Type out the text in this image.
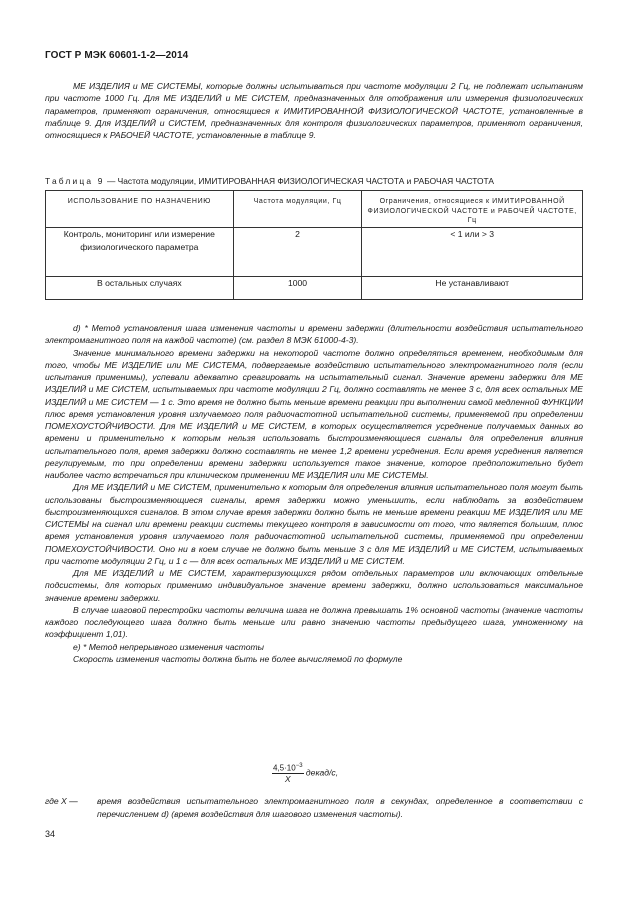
ГОСТ Р МЭК 60601-1-2—2014

МЕ ИЗДЕЛИЯ и МЕ СИСТЕМЫ, которые должны испытываться при частоте модуляции 2 Гц, не подлежат испытаниям при частоте 1000 Гц. Для МЕ ИЗДЕЛИЙ и МЕ СИСТЕМ, предназначенных для отображения или измерения физиологических параметров, применяют ограничения, относящиеся к ИМИТИРОВАННОЙ ФИЗИОЛОГИЧЕСКОЙ ЧАСТОТЕ, установленные в таблице 9. Для ИЗДЕЛИЙ и СИСТЕМ, предназначенных для контроля физиологических параметров, применяют ограничения, относящиеся к РАБОЧЕЙ ЧАСТОТЕ, установленные в таблице 9.

Таблица 9 — Частота модуляции, ИМИТИРОВАННАЯ ФИЗИОЛОГИЧЕСКАЯ ЧАСТОТА и РАБОЧАЯ ЧАСТОТА
ИСПОЛЬЗОВАНИЕ ПО НАЗНАЧЕНИЮ	Частота модуляции, Гц	Ограничения, относящиеся к ИМИТИРОВАННОЙ ФИЗИОЛОГИЧЕСКОЙ ЧАСТОТЕ и РАБОЧЕЙ ЧАСТОТЕ, Гц
Контроль, мониторинг или измерение физиологического параметра	2	< 1 или > 3
В остальных случаях	1000	Не устанавливают

d) * Метод установления шага изменения частоты и времени задержки (длительности воздействия испытательного электромагнитного поля на каждой частоте) (см. раздел 8 МЭК 61000-4-3).

Значение минимального времени задержки на некоторой частоте должно определяться временем, необходимым для того, чтобы МЕ ИЗДЕЛИЕ или МЕ СИСТЕМА, подвергаемые воздействию испытательного электромагнитного поля (если испытания применимы), успевали адекватно среагировать на испытательный сигнал. Значение времени задержки для МЕ ИЗДЕЛИЙ и МЕ СИСТЕМ, испытываемых при частоте модуляции 2 Гц, должно составлять не менее 3 с, для всех остальных МЕ ИЗДЕЛИЙ и МЕ СИСТЕМ — 1 с. Это время не должно быть меньше времени реакции при выполнении самой медленной ФУНКЦИИ плюс время установления уровня излучаемого поля радиочастотной испытательной системы, применяемой при определении ПОМЕХОУСТОЙЧИВОСТИ. Для МЕ ИЗДЕЛИЙ и МЕ СИСТЕМ, в которых осуществляется усреднение получаемых данных во времени и применительно к которым нельзя использовать быстроизменяющиеся сигналы для определения влияния испытательного поля, время задержки должно составлять не менее 1,2 времени усреднения. Если время усреднения является регулируемым, то при определении времени задержки используется такое значение, которое предположительно будет наиболее часто встречаться при клиническом применении МЕ ИЗДЕЛИЯ или МЕ СИСТЕМЫ.

Для МЕ ИЗДЕЛИЙ и МЕ СИСТЕМ, применительно к которым для определения влияния испытательного поля могут быть использованы быстроизменяющиеся сигналы, время задержки можно уменьшить, если наблюдать за воздействием быстроизменяющихся сигналов. В этом случае время задержки должно быть не меньше времени реакции МЕ ИЗДЕЛИЯ или МЕ СИСТЕМЫ на сигнал или времени реакции системы текущего контроля в зависимости от того, что является большим, плюс время установления уровня излучаемого поля радиочастотной испытательной системы, применяемой при определении ПОМЕХОУСТОЙЧИВОСТИ. Оно ни в коем случае не должно быть меньше 3 с для МЕ ИЗДЕЛИЙ и МЕ СИСТЕМ, испытываемых при частоте модуляции 2 Гц, и 1 с — для всех остальных МЕ ИЗДЕЛИЙ и МЕ СИСТЕМ.

Для МЕ ИЗДЕЛИЙ и МЕ СИСТЕМ, характеризующихся рядом отдельных параметров или включающих отдельные подсистемы, для которых применимо индивидуальное значение времени задержки, должно использоваться максимальное значение времени задержки.

В случае шаговой перестройки частоты величина шага не должна превышать 1% основной частоты (значение частоты каждого последующего шага должно быть меньше или равно значению частоты предыдущего шага, умноженному на коэффициент 1,01).

e) * Метод непрерывного изменения частоты

Скорость изменения частоты должна быть не более вычисляемой по формуле

$\frac{4,5\cdot 10^{-3}}{X}$ декад/с,
где X — время воздействия испытательного электромагнитного поля в секундах, определенное в соответствии с перечислением d) (время воздействия для шагового изменения частоты).
34
